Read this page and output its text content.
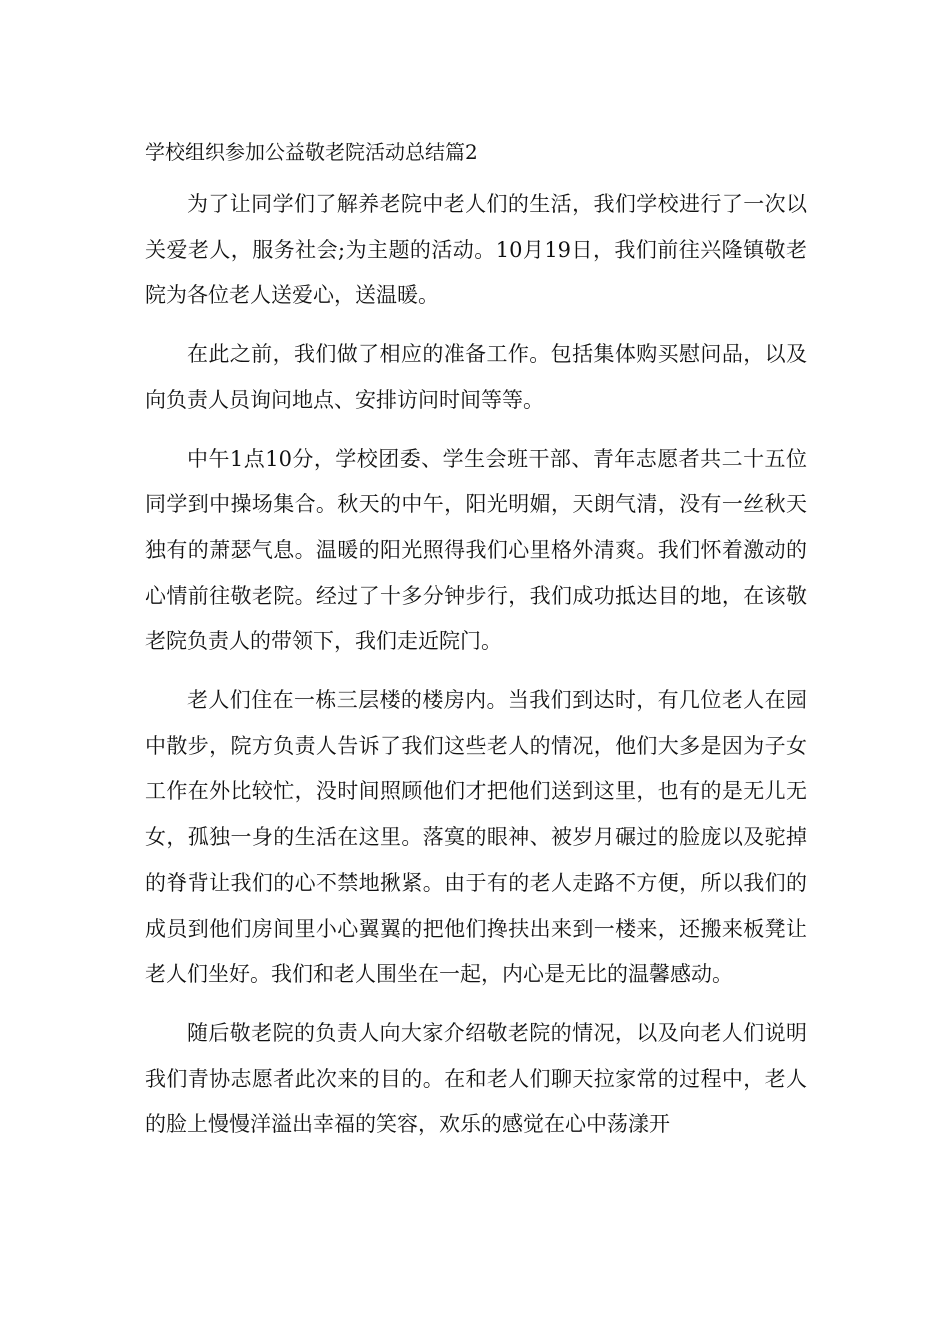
学校组织参加公益敬老院活动总结篇2

为了让同学们了解养老院中老人们的生活，我们学校进行了一次以关爱老人，服务社会;为主题的活动。10月19日，我们前往兴隆镇敬老院为各位老人送爱心，送温暖。

在此之前，我们做了相应的准备工作。包括集体购买慰问品，以及向负责人员询问地点、安排访问时间等等。

中午1点10分，学校团委、学生会班干部、青年志愿者共二十五位同学到中操场集合。秋天的中午，阳光明媚，天朗气清，没有一丝秋天独有的萧瑟气息。温暖的阳光照得我们心里格外清爽。我们怀着激动的心情前往敬老院。经过了十多分钟步行，我们成功抵达目的地，在该敬老院负责人的带领下，我们走近院门。

老人们住在一栋三层楼的楼房内。当我们到达时，有几位老人在园中散步，院方负责人告诉了我们这些老人的情况，他们大多是因为子女工作在外比较忙，没时间照顾他们才把他们送到这里，也有的是无儿无女，孤独一身的生活在这里。落寞的眼神、被岁月碾过的脸庞以及驼掉的脊背让我们的心不禁地揪紧。由于有的老人走路不方便，所以我们的成员到他们房间里小心翼翼的把他们搀扶出来到一楼来，还搬来板凳让老人们坐好。我们和老人围坐在一起，内心是无比的温馨感动。

随后敬老院的负责人向大家介绍敬老院的情况，以及向老人们说明我们青协志愿者此次来的目的。在和老人们聊天拉家常的过程中，老人的脸上慢慢洋溢出幸福的笑容，欢乐的感觉在心中荡漾开
